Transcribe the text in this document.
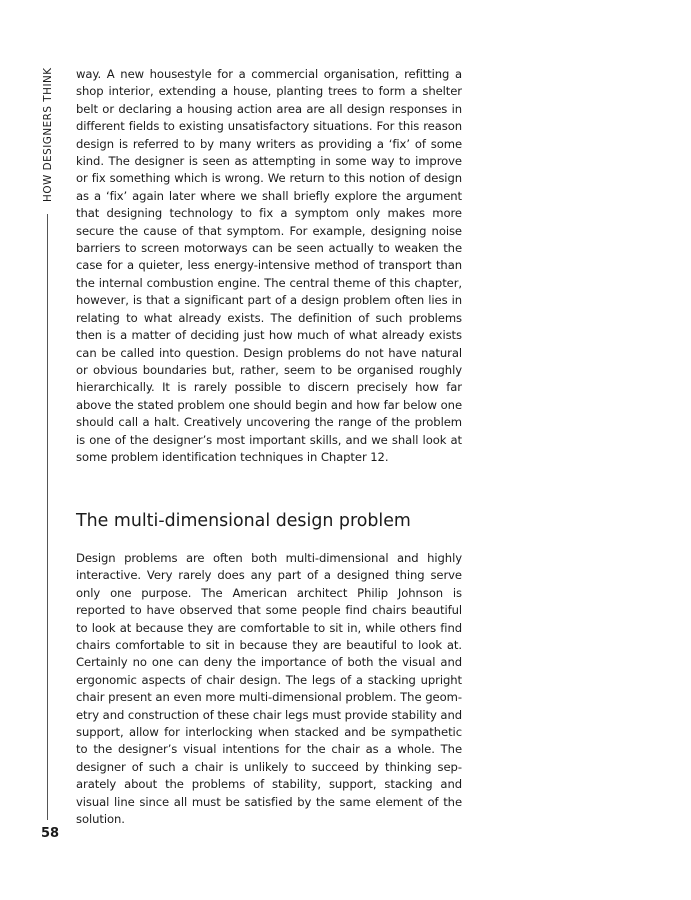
HOW DESIGNERS THINK
58

way. A new housestyle for a commercial organisation, refitting a shop interior, extending a house, planting trees to form a shelter belt or declaring a housing action area are all design responses in different fields to existing unsatisfactory situations. For this reason design is referred to by many writers as providing a ‘fix’ of some kind. The designer is seen as attempting in some way to improve or fix something which is wrong. We return to this notion of design as a ‘fix’ again later where we shall briefly explore the argument that designing technology to fix a symptom only makes more secure the cause of that symptom. For example, designing noise barriers to screen motorways can be seen actually to weaken the case for a quieter, less energy-intensive method of transport than the internal combustion engine. The central theme of this chapter, however, is that a significant part of a design problem often lies in relating to what already exists. The definition of such problems then is a matter of deciding just how much of what already exists can be called into question. Design problems do not have natural or obvious boundaries but, rather, seem to be organised roughly hierarchically. It is rarely possible to discern precisely how far above the stated problem one should begin and how far below one should call a halt. Creatively uncovering the range of the problem is one of the designer’s most important skills, and we shall look at some problem identification techniques in Chapter 12.

The multi-dimensional design problem

Design problems are often both multi-dimensional and highly interactive. Very rarely does any part of a designed thing serve only one purpose. The American architect Philip Johnson is reported to have observed that some people find chairs beautiful to look at because they are comfortable to sit in, while others find chairs comfortable to sit in because they are beautiful to look at. Certainly no one can deny the importance of both the visual and ergonomic aspects of chair design. The legs of a stacking upright chair present an even more multi-dimensional problem. The geometry and construction of these chair legs must provide stability and support, allow for interlocking when stacked and be sympathetic to the designer’s visual intentions for the chair as a whole. The designer of such a chair is unlikely to succeed by thinking separately about the problems of stability, support, stacking and visual line since all must be satisfied by the same element of the solution.
